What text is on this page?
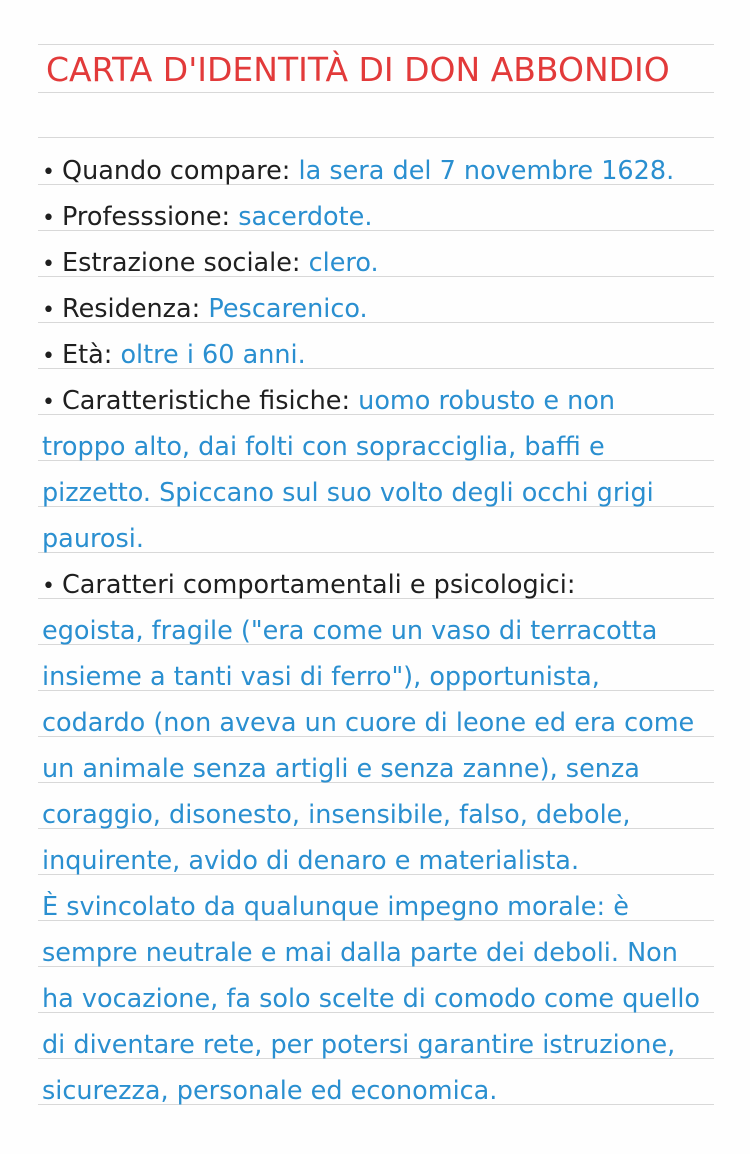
CARTA D'IDENTITÀ DI DON ABBONDIO
• Quando compare: la sera del 7 novembre 1628.
• Professsione: sacerdote.
• Estrazione sociale: clero.
• Residenza: Pescarenico.
• Età: oltre i 60 anni.
• Caratteristiche fisiche: uomo robusto e non
troppo alto, dai folti con sopracciglia, baffi e
pizzetto. Spiccano sul suo volto degli occhi grigi
paurosi.
• Caratteri comportamentali e psicologici:
egoista, fragile ("era come un vaso di terracotta
insieme a tanti vasi di ferro"), opportunista,
codardo (non aveva un cuore di leone ed era come
un animale senza artigli e senza zanne), senza
coraggio, disonesto, insensibile, falso, debole,
inquirente, avido di denaro e materialista.
È svincolato da qualunque impegno morale: è
sempre neutrale e mai dalla parte dei deboli. Non
ha vocazione, fa solo scelte di comodo come quello
di diventare rete, per potersi garantire istruzione,
sicurezza, personale ed economica.
